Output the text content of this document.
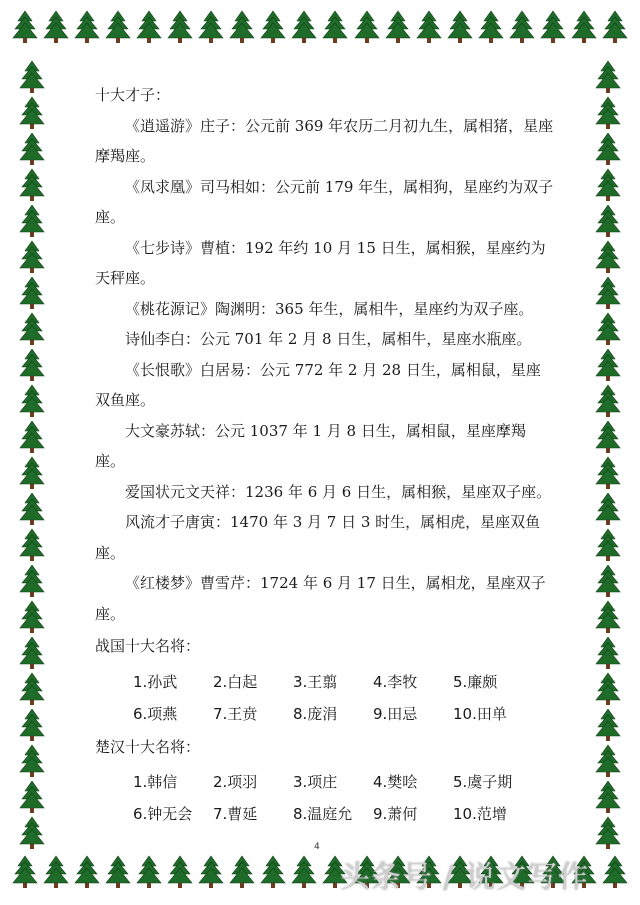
十大才子：

《逍遥游》庄子：公元前 369 年农历二月初九生，属相猪，星座摩羯座。

《凤求凰》司马相如：公元前 179 年生，属相狗，星座约为双子座。

《七步诗》曹植：192 年约 10 月 15 日生，属相猴，星座约为天秤座。

《桃花源记》陶渊明：365 年生，属相牛，星座约为双子座。

诗仙李白：公元 701 年 2 月 8 日生，属相牛，星座水瓶座。

《长恨歌》白居易：公元 772 年 2 月 28 日生，属相鼠，星座双鱼座。

大文豪苏轼：公元 1037 年 1 月 8 日生，属相鼠，星座摩羯座。

爱国状元文天祥：1236 年 6 月 6 日生，属相猴，星座双子座。

风流才子唐寅：1470 年 3 月 7 日 3 时生，属相虎，星座双鱼座。

《红楼梦》曹雪芹：1724 年 6 月 17 日生，属相龙，星座双子座。

战国十大名将：

1.孙武	2.白起	3.王翦	4.李牧	5.廉颇
6.项燕	7.王贲	8.庞涓	9.田忌	10.田单

楚汉十大名将：

1.韩信	2.项羽	3.项庄	4.樊哙	5.虞子期
6.钟无会	7.曹延	8.温庭允	9.萧何	10.范增
4
头条号 / 说文写作
